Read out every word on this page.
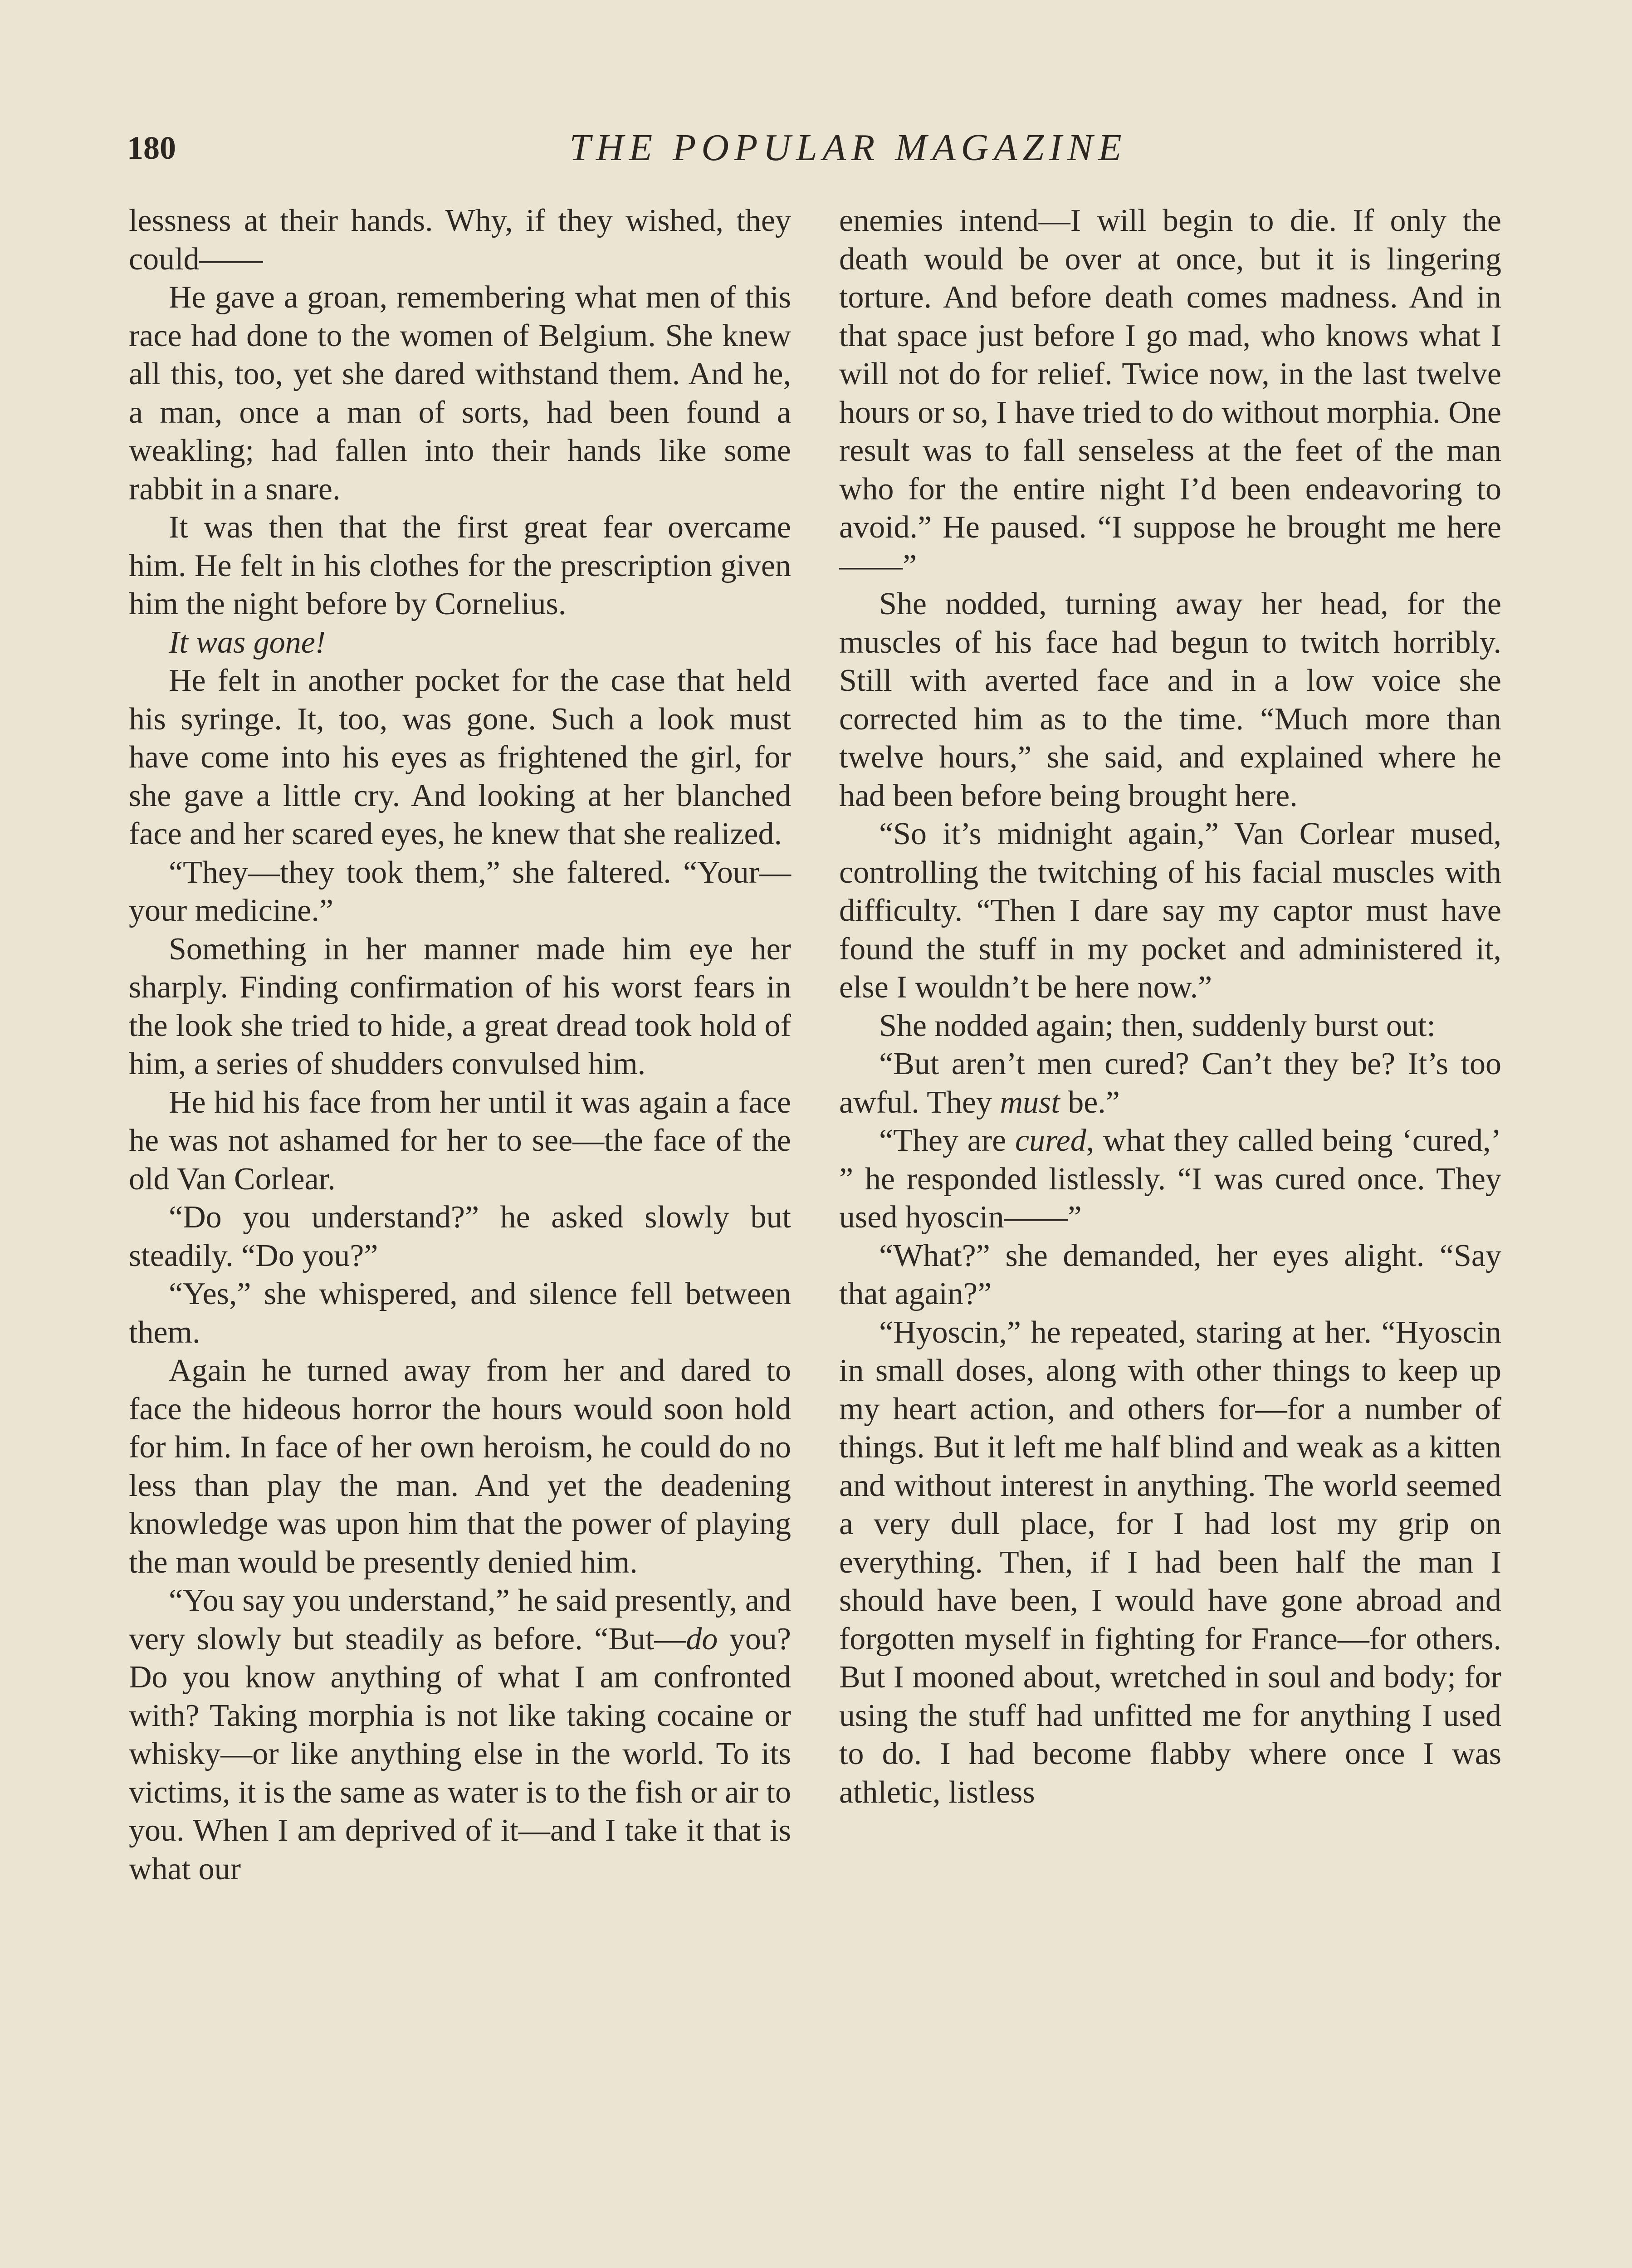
180	THE POPULAR MAGAZINE

lessness at their hands. Why, if they wished, they could——

He gave a groan, remembering what men of this race had done to the women of Belgium. She knew all this, too, yet she dared withstand them. And he, a man, once a man of sorts, had been found a weakling; had fallen into their hands like some rabbit in a snare.

It was then that the first great fear overcame him. He felt in his clothes for the prescription given him the night before by Cornelius.

It was gone!

He felt in another pocket for the case that held his syringe. It, too, was gone. Such a look must have come into his eyes as frightened the girl, for she gave a little cry. And looking at her blanched face and her scared eyes, he knew that she realized.

“They—they took them,” she faltered. “Your—your medicine.”

Something in her manner made him eye her sharply. Finding confirmation of his worst fears in the look she tried to hide, a great dread took hold of him, a series of shudders convulsed him.

He hid his face from her until it was again a face he was not ashamed for her to see—the face of the old Van Corlear.

“Do you understand?” he asked slowly but steadily. “Do you?”

“Yes,” she whispered, and silence fell between them.

Again he turned away from her and dared to face the hideous horror the hours would soon hold for him. In face of her own heroism, he could do no less than play the man. And yet the deadening knowledge was upon him that the power of playing the man would be presently denied him.

“You say you understand,” he said presently, and very slowly but steadily as before. “But—do you? Do you know anything of what I am confronted with? Taking morphia is not like taking cocaine or whisky—or like anything else in the world. To its victims, it is the same as water is to the fish or air to you. When I am deprived of it—and I take it that is what our

enemies intend—I will begin to die. If only the death would be over at once, but it is lingering torture. And before death comes madness. And in that space just before I go mad, who knows what I will not do for relief. Twice now, in the last twelve hours or so, I have tried to do without morphia. One result was to fall senseless at the feet of the man who for the entire night I’d been endeavoring to avoid.” He paused. “I suppose he brought me here——”

She nodded, turning away her head, for the muscles of his face had begun to twitch horribly. Still with averted face and in a low voice she corrected him as to the time. “Much more than twelve hours,” she said, and explained where he had been before being brought here.

“So it’s midnight again,” Van Corlear mused, controlling the twitching of his facial muscles with difficulty. “Then I dare say my captor must have found the stuff in my pocket and administered it, else I wouldn’t be here now.”

She nodded again; then, suddenly burst out:

“But aren’t men cured? Can’t they be? It’s too awful. They must be.”

“They are cured, what they called being ‘cured,’ ” he responded listlessly. “I was cured once. They used hyoscin——”

“What?” she demanded, her eyes alight. “Say that again?”

“Hyoscin,” he repeated, staring at her. “Hyoscin in small doses, along with other things to keep up my heart action, and others for—for a number of things. But it left me half blind and weak as a kitten and without interest in anything. The world seemed a very dull place, for I had lost my grip on everything. Then, if I had been half the man I should have been, I would have gone abroad and forgotten myself in fighting for France—for others. But I mooned about, wretched in soul and body; for using the stuff had unfitted me for anything I used to do. I had become flabby where once I was athletic, listless
